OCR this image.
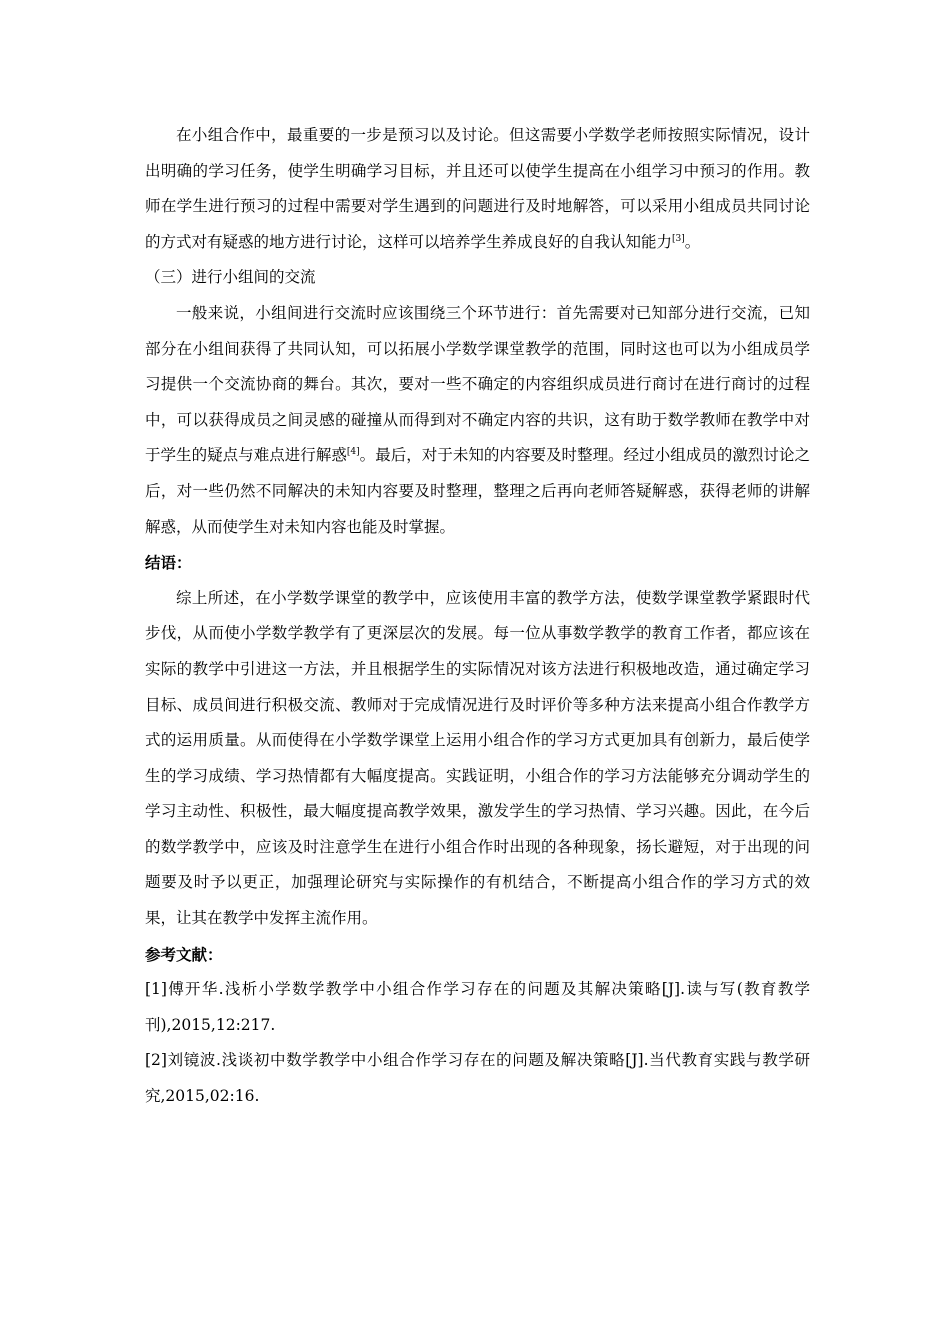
在小组合作中，最重要的一步是预习以及讨论。但这需要小学数学老师按照实际情况，设计出明确的学习任务，使学生明确学习目标，并且还可以使学生提高在小组学习中预习的作用。教师在学生进行预习的过程中需要对学生遇到的问题进行及时地解答，可以采用小组成员共同讨论的方式对有疑惑的地方进行讨论，这样可以培养学生养成良好的自我认知能力[3]。

（三）进行小组间的交流

一般来说，小组间进行交流时应该围绕三个环节进行：首先需要对已知部分进行交流，已知部分在小组间获得了共同认知，可以拓展小学数学课堂教学的范围，同时这也可以为小组成员学习提供一个交流协商的舞台。其次，要对一些不确定的内容组织成员进行商讨在进行商讨的过程中，可以获得成员之间灵感的碰撞从而得到对不确定内容的共识，这有助于数学教师在教学中对于学生的疑点与难点进行解惑[4]。最后，对于未知的内容要及时整理。经过小组成员的激烈讨论之后，对一些仍然不同解决的未知内容要及时整理，整理之后再向老师答疑解惑，获得老师的讲解解惑，从而使学生对未知内容也能及时掌握。

结语：

综上所述，在小学数学课堂的教学中，应该使用丰富的教学方法，使数学课堂教学紧跟时代步伐，从而使小学数学教学有了更深层次的发展。每一位从事数学教学的教育工作者，都应该在实际的教学中引进这一方法，并且根据学生的实际情况对该方法进行积极地改造，通过确定学习目标、成员间进行积极交流、教师对于完成情况进行及时评价等多种方法来提高小组合作教学方式的运用质量。从而使得在小学数学课堂上运用小组合作的学习方式更加具有创新力，最后使学生的学习成绩、学习热情都有大幅度提高。实践证明，小组合作的学习方法能够充分调动学生的学习主动性、积极性，最大幅度提高教学效果，激发学生的学习热情、学习兴趣。因此，在今后的数学教学中，应该及时注意学生在进行小组合作时出现的各种现象，扬长避短，对于出现的问题要及时予以更正，加强理论研究与实际操作的有机结合，不断提高小组合作的学习方式的效果，让其在教学中发挥主流作用。

参考文献：

[1]傅开华.浅析小学数学教学中小组合作学习存在的问题及其解决策略[J].读与写(教育教学刊),2015,12:217.

[2]刘镜波.浅谈初中数学教学中小组合作学习存在的问题及解决策略[J].当代教育实践与教学研究,2015,02:16.
